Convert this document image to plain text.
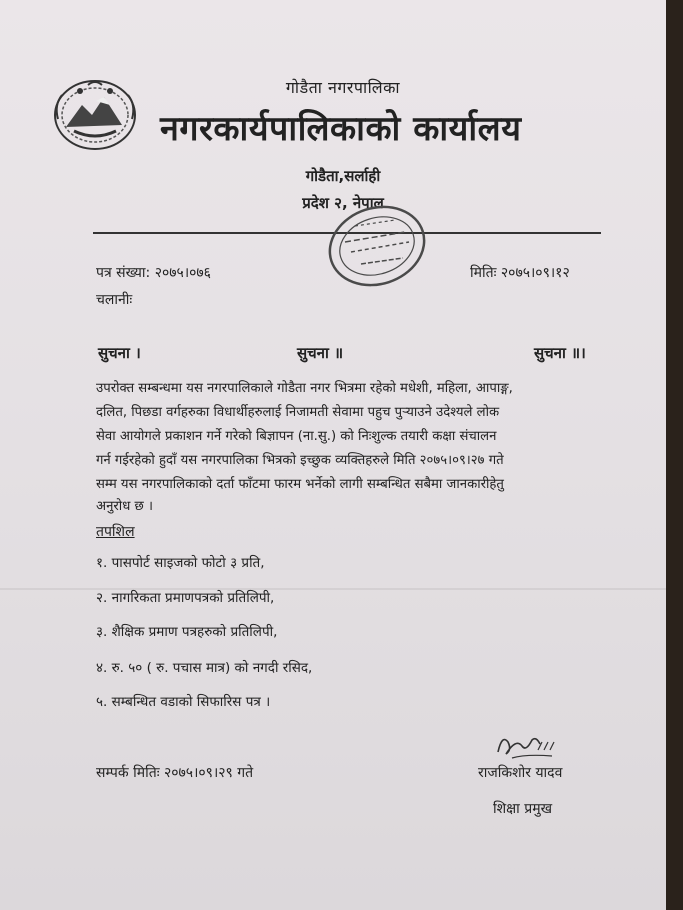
गोडैता नगरपालिका
नगरकार्यपालिकाको कार्यालय
गोडैता,सर्लाही
प्रदेश २, नेपाल
पत्र संख्या: २०७५।०७६	मितिः २०७५।०९।१२
चलानीः
सुचना ।	सुचना ॥	सुचना ॥।
उपरोक्त सम्बन्धमा यस नगरपालिकाले गोडैता नगर भित्रमा रहेको मधेशी, महिला, आपाङ्ग,
दलित, पिछडा वर्गहरुका विधार्थीहरुलाई निजामती सेवामा पहुच पुऱ्याउने उदेश्यले लोक
सेवा आयोगले प्रकाशन गर्ने गरेको बिज्ञापन (ना.सु.) को निःशुल्क तयारी कक्षा संचालन
गर्न गईरहेको हुदाँ यस नगरपालिका भित्रको इच्छुक व्यक्तिहरुले मिति २०७५।०९।२७ गते
सम्म यस नगरपालिकाको दर्ता फाँटमा फारम भर्नेको लागी सम्बन्धित सबैमा जानकारीहेतु
अनुरोध छ ।
तपशिल
१. पासपोर्ट साइजको फोटो ३ प्रति,
२. नागरिकता प्रमाणपत्रको प्रतिलिपी,
३. शैक्षिक प्रमाण पत्रहरुको प्रतिलिपी,
४. रु. ५० ( रु. पचास मात्र) को नगदी रसिद,
५. सम्बन्धित वडाको सिफारिस पत्र ।
सम्पर्क मितिः २०७५।०९।२९ गते	राजकिशोर यादव
शिक्षा प्रमुख
